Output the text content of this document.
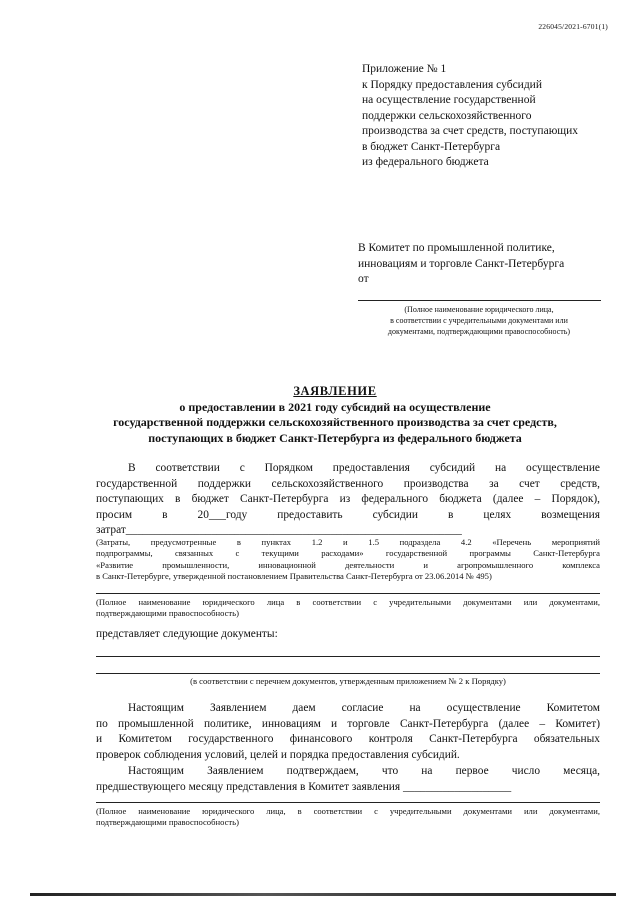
226045/2021-6701(1)
Приложение № 1
к Порядку предоставления субсидий
на осуществление государственной
поддержки сельскохозяйственного
производства за счет средств, поступающих
в бюджет Санкт-Петербурга
из федерального бюджета
В Комитет по промышленной политике,
инновациям и торговле Санкт-Петербурга
от
(Полное наименование юридического лица,
в соответствии с учредительными документами или
документами, подтверждающими правоспособность)
ЗАЯВЛЕНИЕ
о предоставлении в 2021 году субсидий на осуществление
государственной поддержки сельскохозяйственного производства за счет средств,
поступающих в бюджет Санкт-Петербурга из федерального бюджета
В соответствии с Порядком предоставления субсидий на осуществление
государственной поддержки сельскохозяйственного производства за счет средств,
поступающих в бюджет Санкт-Петербурга из федерального бюджета (далее – Порядок),
просим в 20___году предоставить субсидии в целях возмещения
затрат___________________________________________________________
(Затраты, предусмотренные в пунктах 1.2 и 1.5 подраздела 4.2 «Перечень мероприятий
подпрограммы, связанных с текущими расходами» государственной программы Санкт-Петербурга
«Развитие промышленности, инновационной деятельности и агропромышленного комплекса
в Санкт-Петербурге, утвержденной постановлением Правительства Санкт-Петербурга от 23.06.2014 № 495)
(Полное наименование юридического лица в соответствии с учредительными документами или документами,
подтверждающими правоспособность)
представляет следующие документы:
(в соответствии с перечнем документов, утвержденным приложением № 2 к Порядку)
Настоящим Заявлением даем согласие на осуществление Комитетом
по промышленной политике, инновациям и торговле Санкт-Петербурга (далее – Комитет)
и Комитетом государственного финансового контроля Санкт-Петербурга обязательных
проверок соблюдения условий, целей и порядка предоставления субсидий.
Настоящим Заявлением подтверждаем, что на первое число месяца,
предшествующего месяцу представления в Комитет заявления ___________________
(Полное наименование юридического лица, в соответствии с учредительными документами или документами,
подтверждающими правоспособность)
